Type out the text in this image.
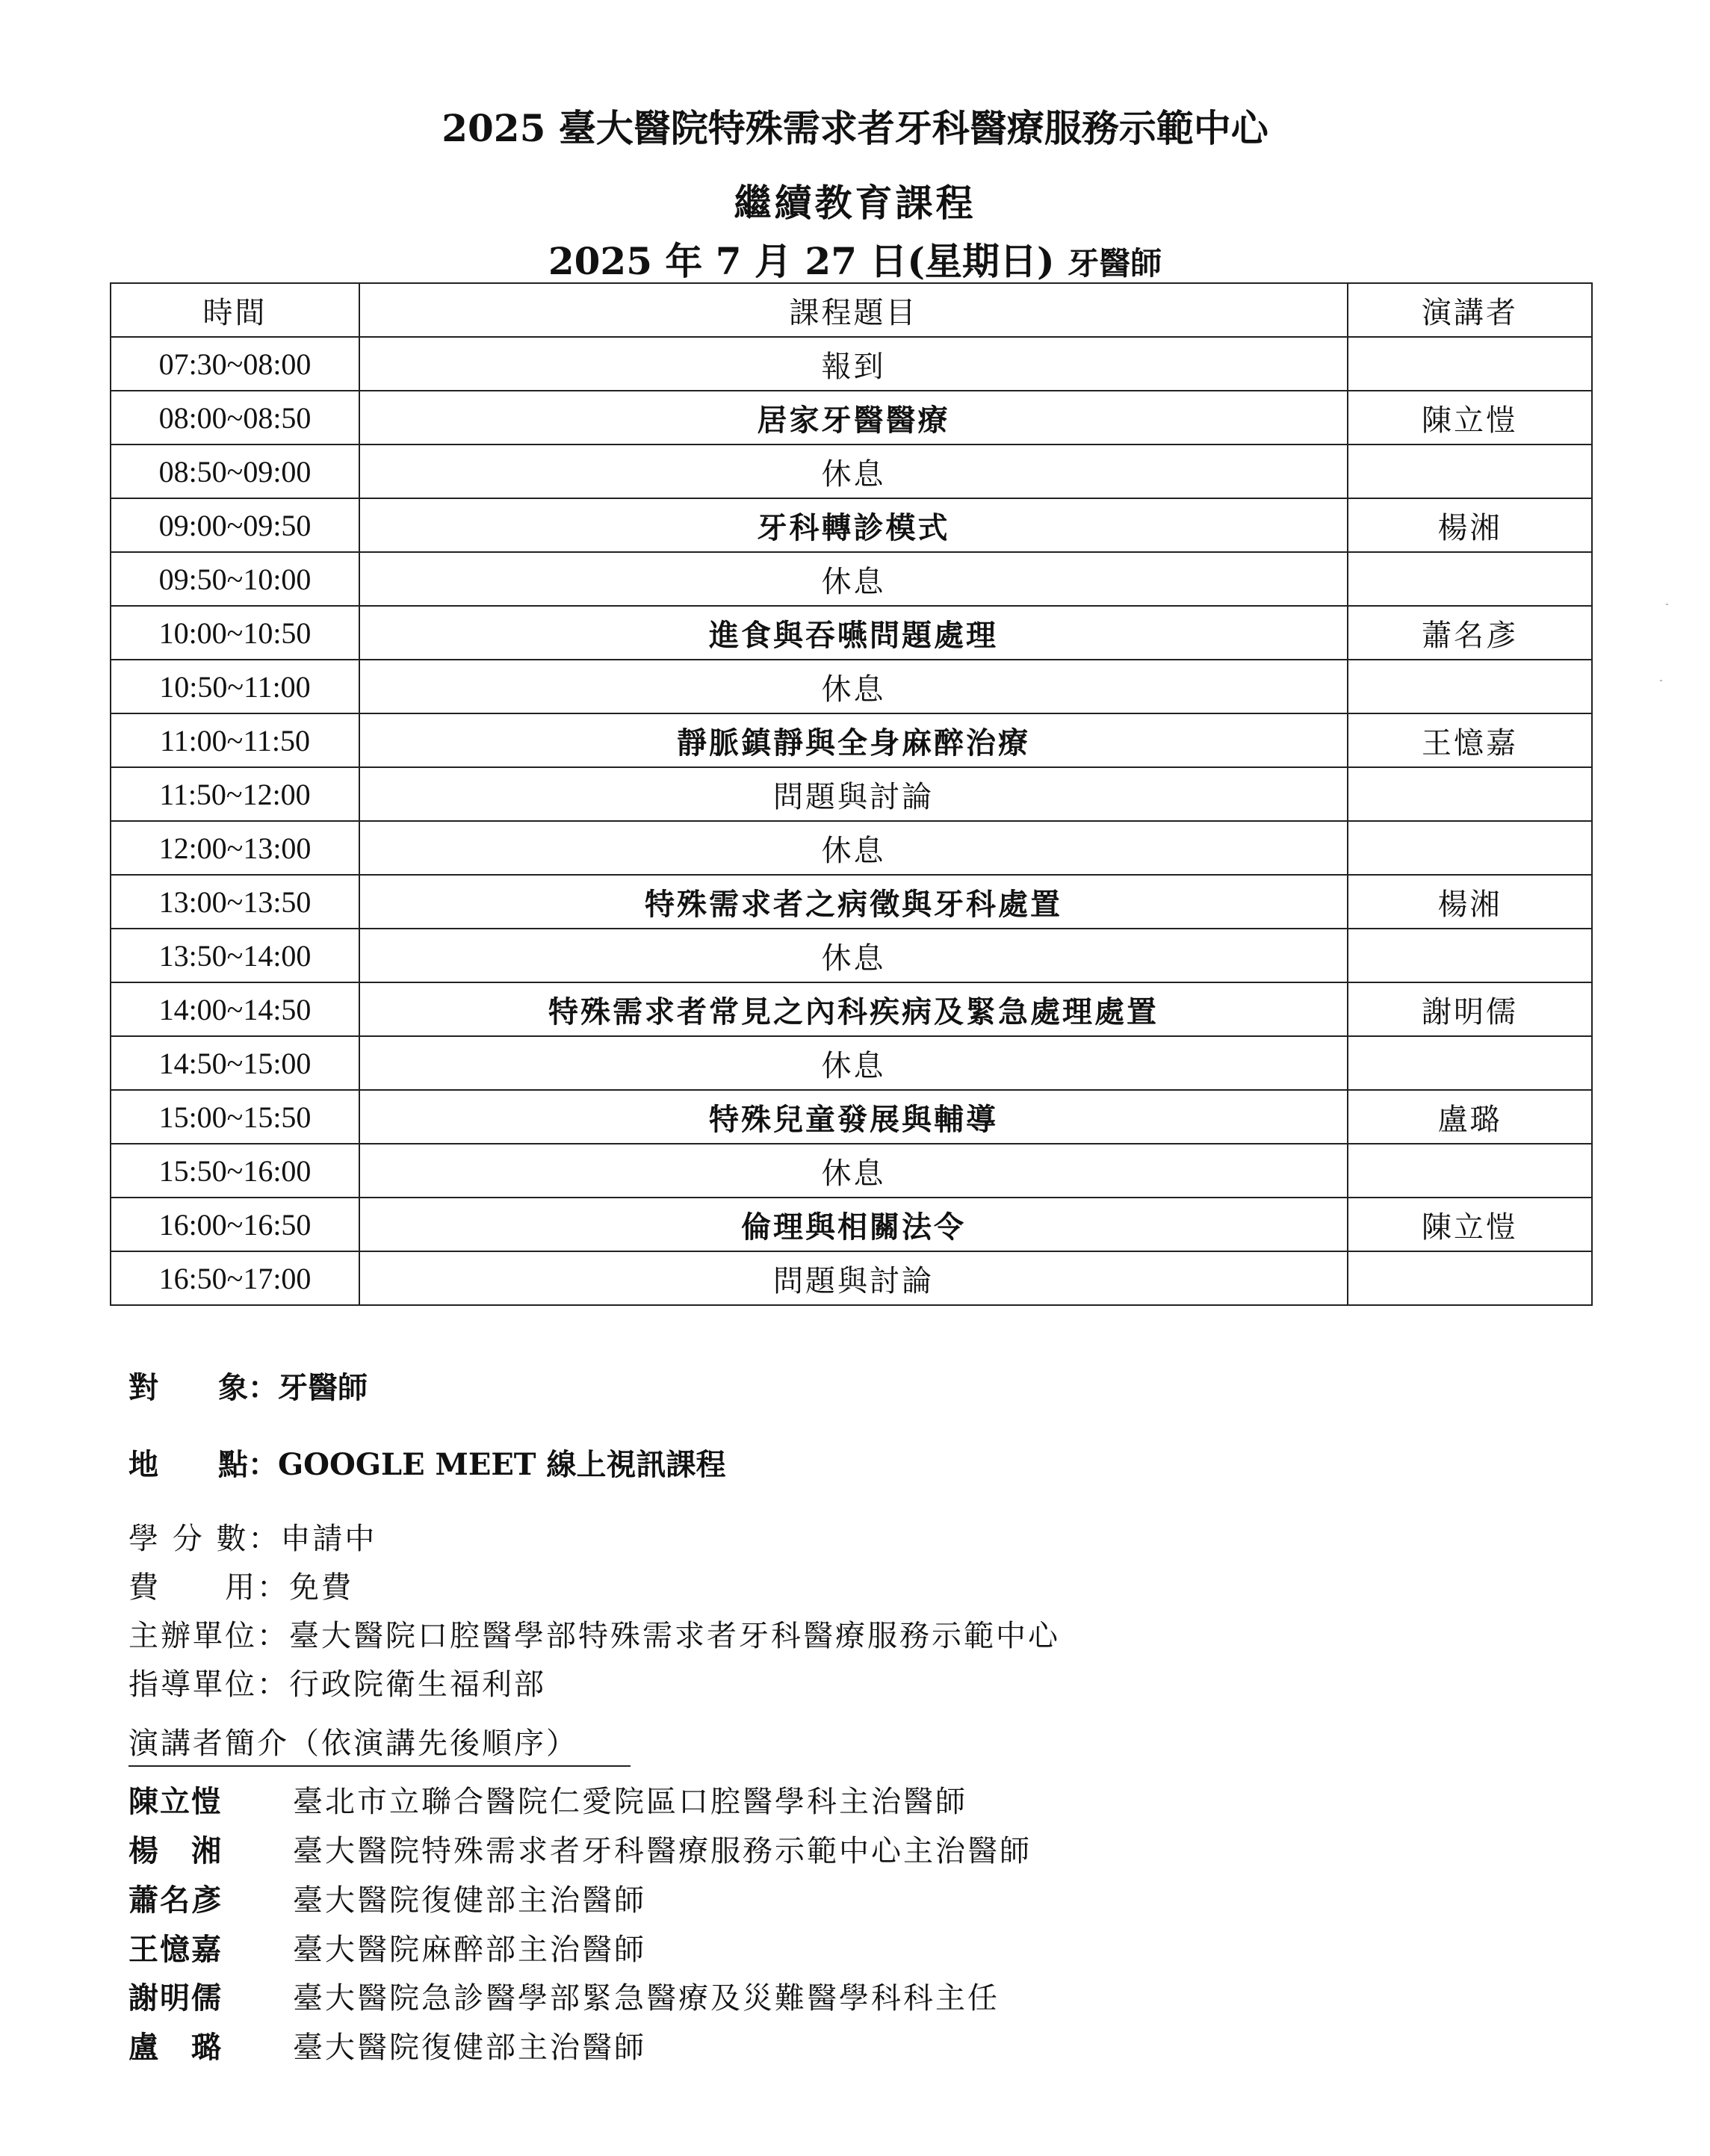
2025 臺大醫院特殊需求者牙科醫療服務示範中心
繼續教育課程
2025 年 7 月 27 日(星期日) 牙醫師
時間	課程題目	演講者
07:30~08:00	報到	
08:00~08:50	居家牙醫醫療	陳立愷
08:50~09:00	休息	
09:00~09:50	牙科轉診模式	楊湘
09:50~10:00	休息	
10:00~10:50	進食與吞嚥問題處理	蕭名彥
10:50~11:00	休息	
11:00~11:50	靜脈鎮靜與全身麻醉治療	王憶嘉
11:50~12:00	問題與討論	
12:00~13:00	休息	
13:00~13:50	特殊需求者之病徵與牙科處置	楊湘
13:50~14:00	休息	
14:00~14:50	特殊需求者常見之內科疾病及緊急處理處置	謝明儒
14:50~15:00	休息	
15:00~15:50	特殊兒童發展與輔導	盧璐
15:50~16:00	休息	
16:00~16:50	倫理與相關法令	陳立愷
16:50~17:00	問題與討論	
對　　象：牙醫師
地　　點：GOOGLE MEET 線上視訊課程
學 分 數：申請中
費　　用：免費
主辦單位：臺大醫院口腔醫學部特殊需求者牙科醫療服務示範中心
指導單位：行政院衛生福利部
演講者簡介（依演講先後順序）
陳立愷 臺北市立聯合醫院仁愛院區口腔醫學科主治醫師
楊　湘 臺大醫院特殊需求者牙科醫療服務示範中心主治醫師
蕭名彥 臺大醫院復健部主治醫師
王憶嘉 臺大醫院麻醉部主治醫師
謝明儒 臺大醫院急診醫學部緊急醫療及災難醫學科科主任
盧　璐 臺大醫院復健部主治醫師
